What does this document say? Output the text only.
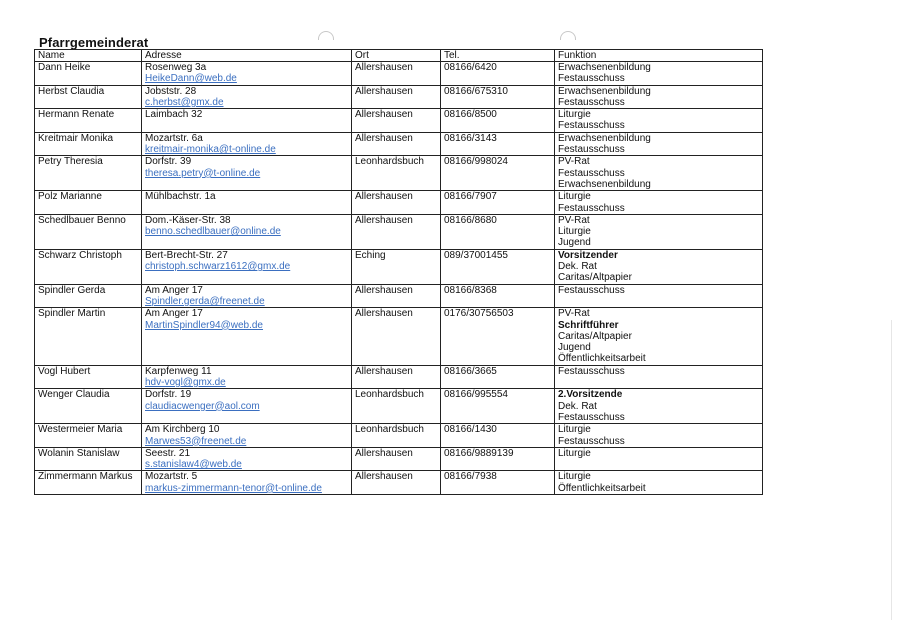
Pfarrgemeinderat
Name	Adresse	Ort	Tel.	Funktion

Dann Heike	Rosenweg 3a
HeikeDann@web.de	Allershausen	08166/6420	Erwachsenenbildung
Festausschuss

Herbst Claudia	Jobststr. 28
c.herbst@gmx.de	Allershausen	08166/675310	Erwachsenenbildung
Festausschuss

Hermann Renate	Laimbach 32	Allershausen	08166/8500	Liturgie
Festausschuss

Kreitmair Monika	Mozartstr. 6a
kreitmair-monika@t-online.de	Allershausen	08166/3143	Erwachsenenbildung
Festausschuss

Petry Theresia	Dorfstr. 39
theresa.petry@t-online.de	Leonhardsbuch	08166/998024	PV-Rat
Festausschuss
Erwachsenenbildung

Polz Marianne	Mühlbachstr. 1a	Allershausen	08166/7907	Liturgie
Festausschuss

Schedlbauer Benno	Dom.-Käser-Str. 38
benno.schedlbauer@online.de	Allershausen	08166/8680	PV-Rat
Liturgie
Jugend

Schwarz Christoph	Bert-Brecht-Str. 27
christoph.schwarz1612@gmx.de	Eching	089/37001455	Vorsitzender
Dek. Rat
Caritas/Altpapier

Spindler Gerda	Am Anger 17
Spindler.gerda@freenet.de	Allershausen	08166/8368	Festausschuss

Spindler Martin	Am Anger 17
MartinSpindler94@web.de	Allershausen	0176/30756503	PV-Rat
Schriftführer
Caritas/Altpapier
Jugend
Öffentlichkeitsarbeit

Vogl Hubert	Karpfenweg 11
hdv-vogl@gmx.de	Allershausen	08166/3665	Festausschuss

Wenger Claudia	Dorfstr. 19
claudiacwenger@aol.com	Leonhardsbuch	08166/995554	2.Vorsitzende
Dek. Rat
Festausschuss

Westermeier Maria	Am Kirchberg 10
Marwes53@freenet.de	Leonhardsbuch	08166/1430	Liturgie
Festausschuss

Wolanin Stanislaw	Seestr. 21
s.stanislaw4@web.de	Allershausen	08166/9889139	Liturgie

Zimmermann Markus	Mozartstr. 5
markus-zimmermann-tenor@t-online.de	Allershausen	08166/7938	Liturgie
Öffentlichkeitsarbeit
